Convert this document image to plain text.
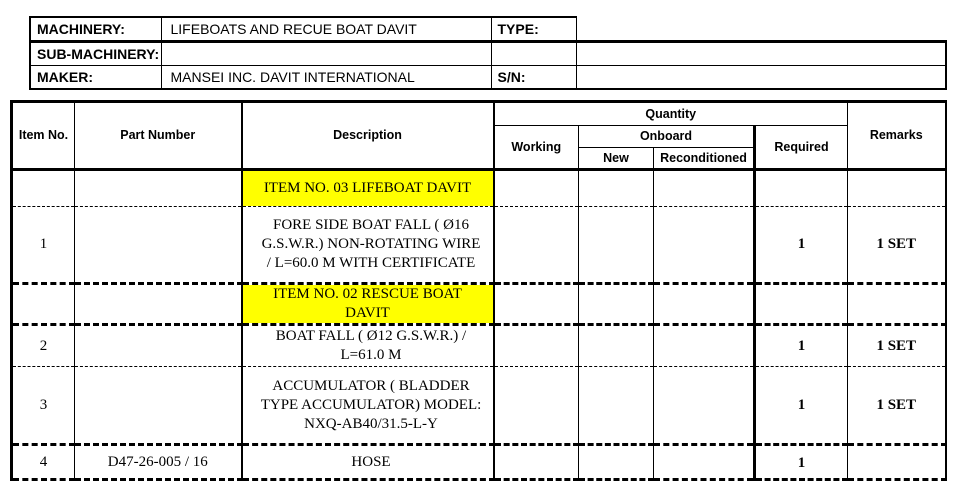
MACHINERY:	LIFEBOATS AND RECUE BOAT DAVIT	TYPE:	
SUB-MACHINERY:			
MAKER:	MANSEI INC. DAVIT INTERNATIONAL	S/N:	
Item No.	Part Number	Description	Quantity				Remarks
			Working	Onboard		Required	
				New	Reconditioned		

		ITEM NO. 03 LIFEBOAT DAVIT					

1		FORE SIDE BOAT FALL ( Ø16
G.S.W.R.) NON-ROTATING WIRE
/ L=60.0 M WITH CERTIFICATE				1	1 SET

		ITEM NO. 02 RESCUE BOAT
DAVIT					

2		BOAT FALL ( Ø12 G.S.W.R.) /
L=61.0 M				1	1 SET
3		ACCUMULATOR ( BLADDER
TYPE ACCUMULATOR) MODEL:
NXQ-AB40/31.5-L-Y				1	1 SET
4	D47-26-005 / 16	HOSE				1	
